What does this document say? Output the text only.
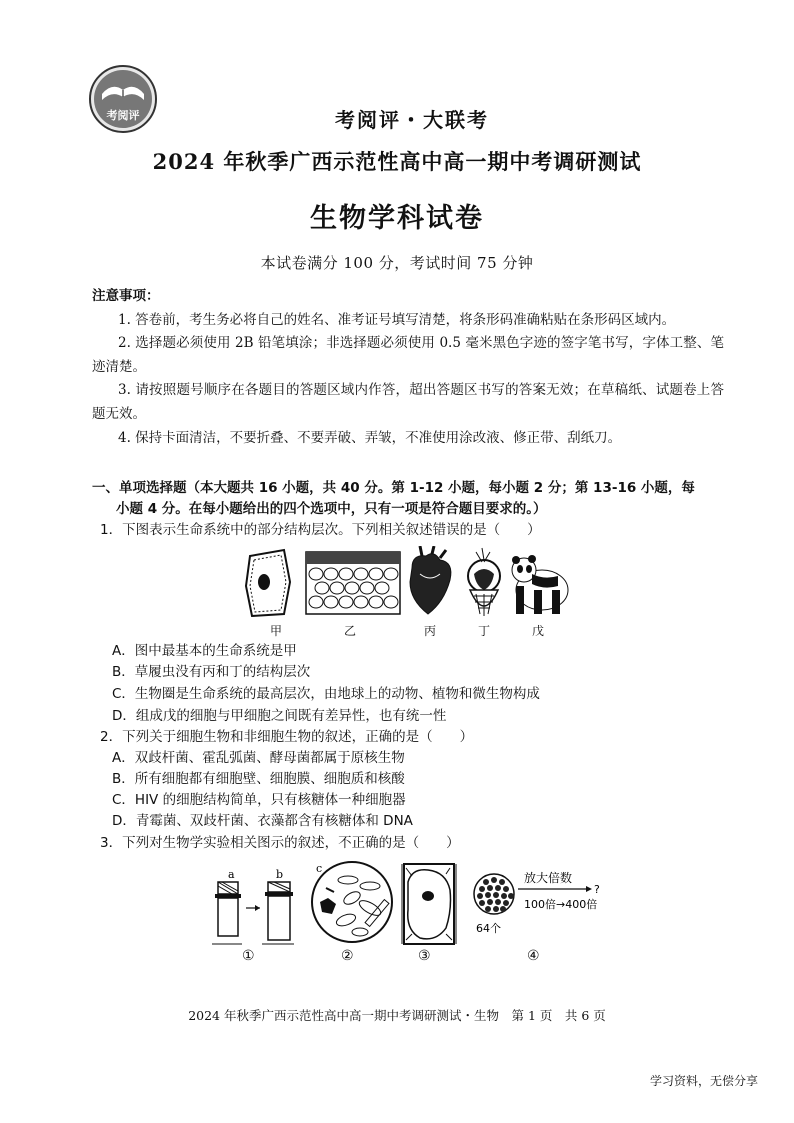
考阅评	考阅评・大联考
2024 年秋季广西示范性高中高一期中考调研测试
生物学科试卷
本试卷满分 100 分，考试时间 75 分钟
注意事项：

1. 答卷前，考生务必将自己的姓名、准考证号填写清楚，将条形码准确粘贴在条形码区域内。

2. 选择题必须使用 2B 铅笔填涂；非选择题必须使用 0.5 毫米黑色字迹的签字笔书写，字体工整、笔迹清楚。

3. 请按照题号顺序在各题目的答题区域内作答，超出答题区书写的答案无效；在草稿纸、试题卷上答题无效。

4. 保持卡面清洁，不要折叠、不要弄破、弄皱，不准使用涂改液、修正带、刮纸刀。

一、单项选择题（本大题共 16 小题，共 40 分。第 1-12 小题，每小题 2 分；第 13-16 小题，每
小题 4 分。在每小题给出的四个选项中，只有一项是符合题目要求的。）
1．下图表示生命系统中的部分结构层次。下列相关叙述错误的是（　　）
甲	乙	丙	丁	戊
A．图中最基本的生命系统是甲
B．草履虫没有丙和丁的结构层次
C．生物圈是生命系统的最高层次，由地球上的动物、植物和微生物构成
D．组成戊的细胞与甲细胞之间既有差异性，也有统一性
2．下列关于细胞生物和非细胞生物的叙述，正确的是（　　）
A．双歧杆菌、霍乱弧菌、酵母菌都属于原核生物
B．所有细胞都有细胞壁、细胞膜、细胞质和核酸
C．HIV 的细胞结构简单，只有核糖体一种细胞器
D．青霉菌、双歧杆菌、衣藻都含有核糖体和 DNA
3．下列对生物学实验相关图示的叙述，不正确的是（　　）
a	b	c
64个
放大倍数
?
100倍→400倍
①	②	③	④
2024 年秋季广西示范性高中高一期中考调研测试・生物　第 1 页　共 6 页
学习资料，无偿分享
